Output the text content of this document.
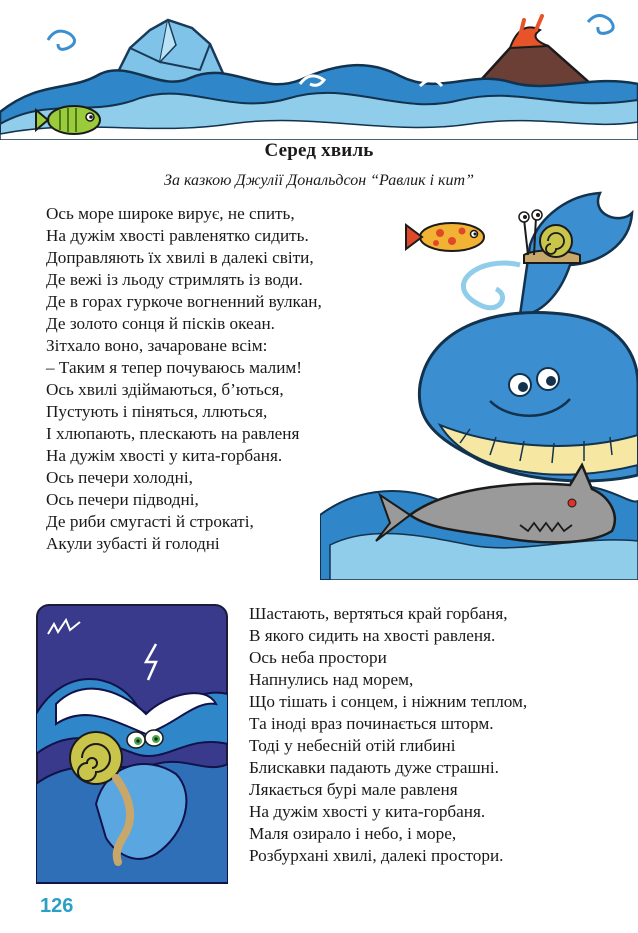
Серед хвиль
За казкою Джулії Дональдсон “Равлик і кит”
Ось море широке вирує, не спить,
На дужім хвості равленятко сидить.
Доправляють їх хвилі в далекі світи,
Де вежі із льоду стримлять із води.
Де в горах гуркоче вогненний вулкан,
Де золото сонця й пісків океан.
Зітхало воно, зачароване всім:
– Таким я тепер почуваюсь малим!
Ось хвилі здіймаються, б’ються,
Пустують і піняться, ллються,
І хлюпають, плескають на равленя
На дужім хвості у кита-горбаня.
Ось печери холодні,
Ось печери підводні,
Де риби смугасті й строкаті,
Акули зубасті й голодні
Шастають, вертяться край горбаня,
В якого сидить на хвості равленя.
Ось неба простори
Напнулись над морем,
Що тішать і сонцем, і ніжним теплом,
Та іноді враз починається шторм.
Тоді у небесній отій глибині
Блискавки падають дуже страшні.
Лякається бурі мале равленя
На дужім хвості у кита-горбаня.
Маля озирало і небо, і море,
Розбурхані хвилі, далекі простори.
126
